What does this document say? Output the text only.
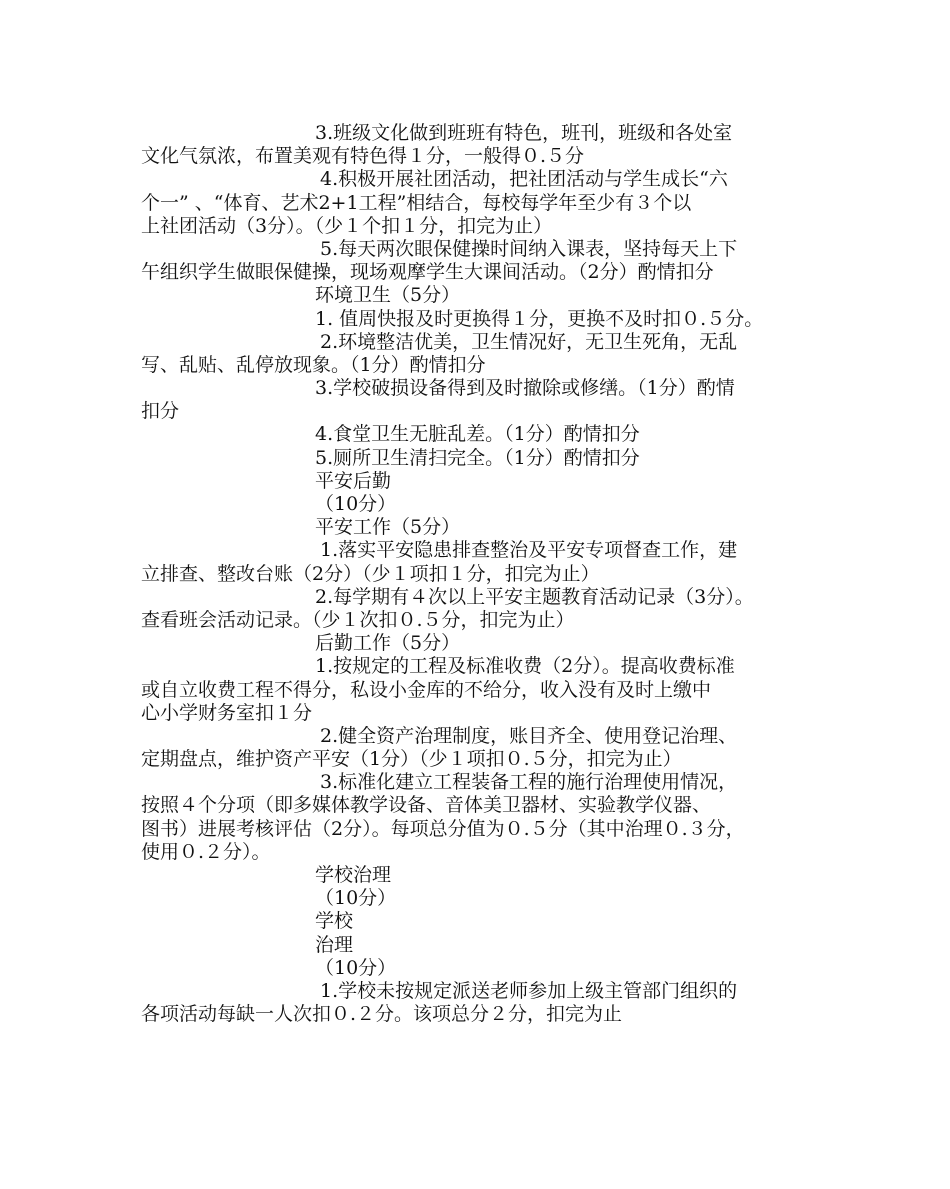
3.班级文化做到班班有特色，班刊，班级和各处室
文化气氛浓，布置美观有特色得１分，一般得０.５分
4.积极开展社团活动，把社团活动与学生成长“六
个一” 、“体育、艺术2+1工程”相结合，每校每学年至少有３个以
上社团活动（3分）。（少１个扣１分，扣完为止）
5.每天两次眼保健操时间纳入课表，坚持每天上下
午组织学生做眼保健操，现场观摩学生大课间活动。（2分）酌情扣分
环境卫生（5分）
1. 值周快报及时更换得１分，更换不及时扣０.５分。
2.环境整洁优美，卫生情况好，无卫生死角，无乱
写、乱贴、乱停放现象。（1分）酌情扣分
3.学校破损设备得到及时撤除或修缮。（1分）酌情
扣分
4.食堂卫生无脏乱差。（1分）酌情扣分
5.厕所卫生清扫完全。（1分）酌情扣分
平安后勤
（10分）
平安工作（5分）
1.落实平安隐患排查整治及平安专项督查工作，建
立排查、整改台账（2分）（少１项扣１分，扣完为止）
2.每学期有４次以上平安主题教育活动记录（3分）。
查看班会活动记录。（少１次扣０.５分，扣完为止）
后勤工作（5分）
1.按规定的工程及标准收费（2分）。提高收费标准
或自立收费工程不得分，私设小金库的不给分，收入没有及时上缴中
心小学财务室扣１分
2.健全资产治理制度，账目齐全、使用登记治理、
定期盘点，维护资产平安（1分）（少１项扣０.５分，扣完为止）
3.标准化建立工程装备工程的施行治理使用情况，
按照４个分项（即多媒体教学设备、音体美卫器材、实验教学仪器、
图书）进展考核评估（2分）。每项总分值为０.５分（其中治理０.３分，
使用０.２分）。
学校治理
（10分）
学校
治理
（10分）
1.学校未按规定派送老师参加上级主管部门组织的
各项活动每缺一人次扣０.２分。该项总分２分，扣完为止
